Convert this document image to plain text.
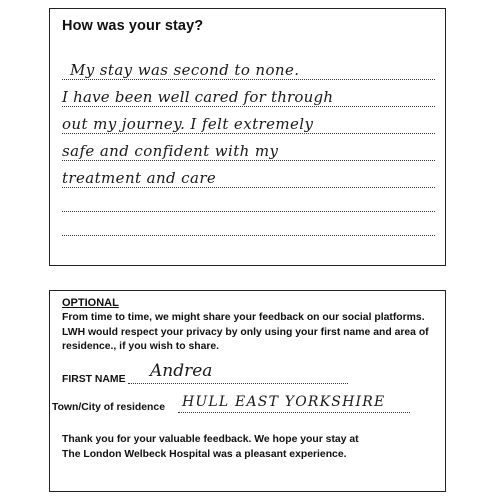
How was your stay?
My stay was second to none.
I have been well cared for through
out my journey. I felt extremely
safe and confident with my
treatment and care
OPTIONAL
From time to time, we might share your feedback on our social platforms.
LWH would respect your privacy by only using your first name and area of
residence., if you wish to share.
FIRST NAME Andrea
Town/City of residence HULL EAST YORKSHIRE
Thank you for your valuable feedback. We hope your stay at
The London Welbeck Hospital was a pleasant experience.
